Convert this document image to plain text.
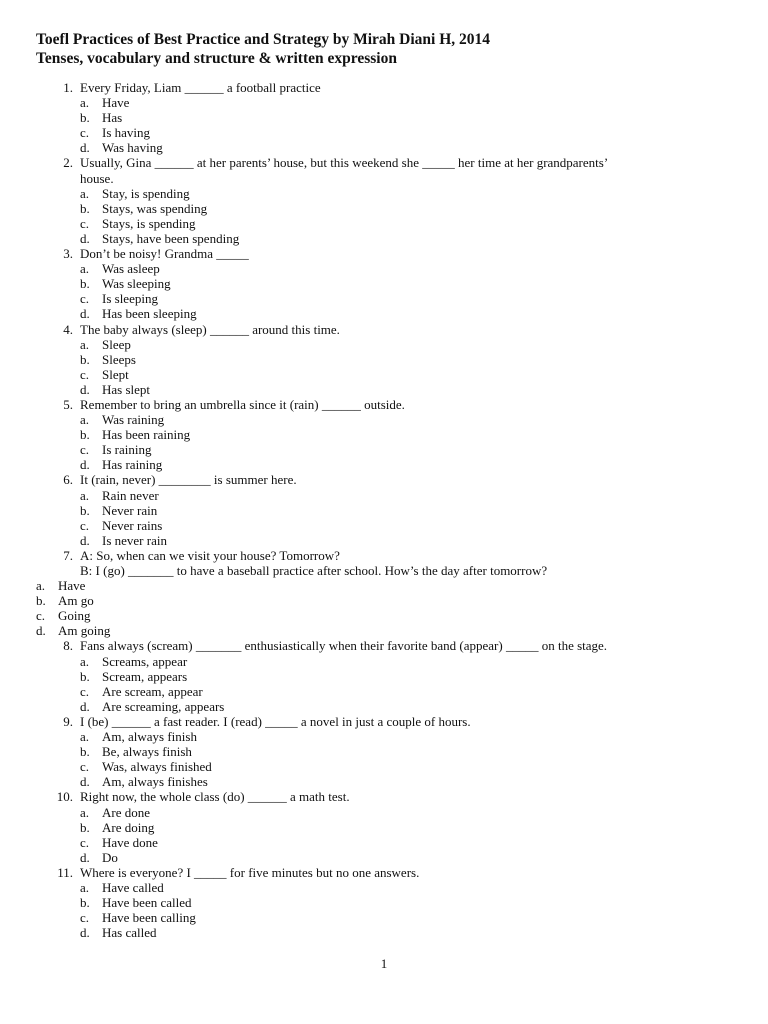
Toefl Practices of Best Practice and Strategy by Mirah Diani H, 2014
Tenses, vocabulary and structure & written expression
1. Every Friday, Liam ______ a football practice
a. Have
b. Has
c. Is having
d. Was having
2. Usually, Gina ______ at her parents’ house, but this weekend she _____ her time at her grandparents’
house.
a. Stay, is spending
b. Stays, was spending
c. Stays, is spending
d. Stays, have been spending
3. Don’t be noisy! Grandma _____
a. Was asleep
b. Was sleeping
c. Is sleeping
d. Has been sleeping
4. The baby always (sleep) ______ around this time.
a. Sleep
b. Sleeps
c. Slept
d. Has slept
5. Remember to bring an umbrella since it (rain) ______ outside.
a. Was raining
b. Has been raining
c. Is raining
d. Has raining
6. It (rain, never) ________ is summer here.
a. Rain never
b. Never rain
c. Never rains
d. Is never rain
7. A: So, when can we visit your house? Tomorrow?
B: I (go) _______ to have a baseball practice after school. How’s the day after tomorrow?
a. Have
b. Am go
c. Going
d. Am going
8. Fans always (scream) _______ enthusiastically when their favorite band (appear) _____ on the stage.
a. Screams, appear
b. Scream, appears
c. Are scream, appear
d. Are screaming, appears
9. I (be) ______ a fast reader. I (read) _____ a novel in just a couple of hours.
a. Am, always finish
b. Be, always finish
c. Was, always finished
d. Am, always finishes
10. Right now, the whole class (do) ______ a math test.
a. Are done
b. Are doing
c. Have done
d. Do
11. Where is everyone? I _____ for five minutes but no one answers.
a. Have called
b. Have been called
c. Have been calling
d. Has called
1
